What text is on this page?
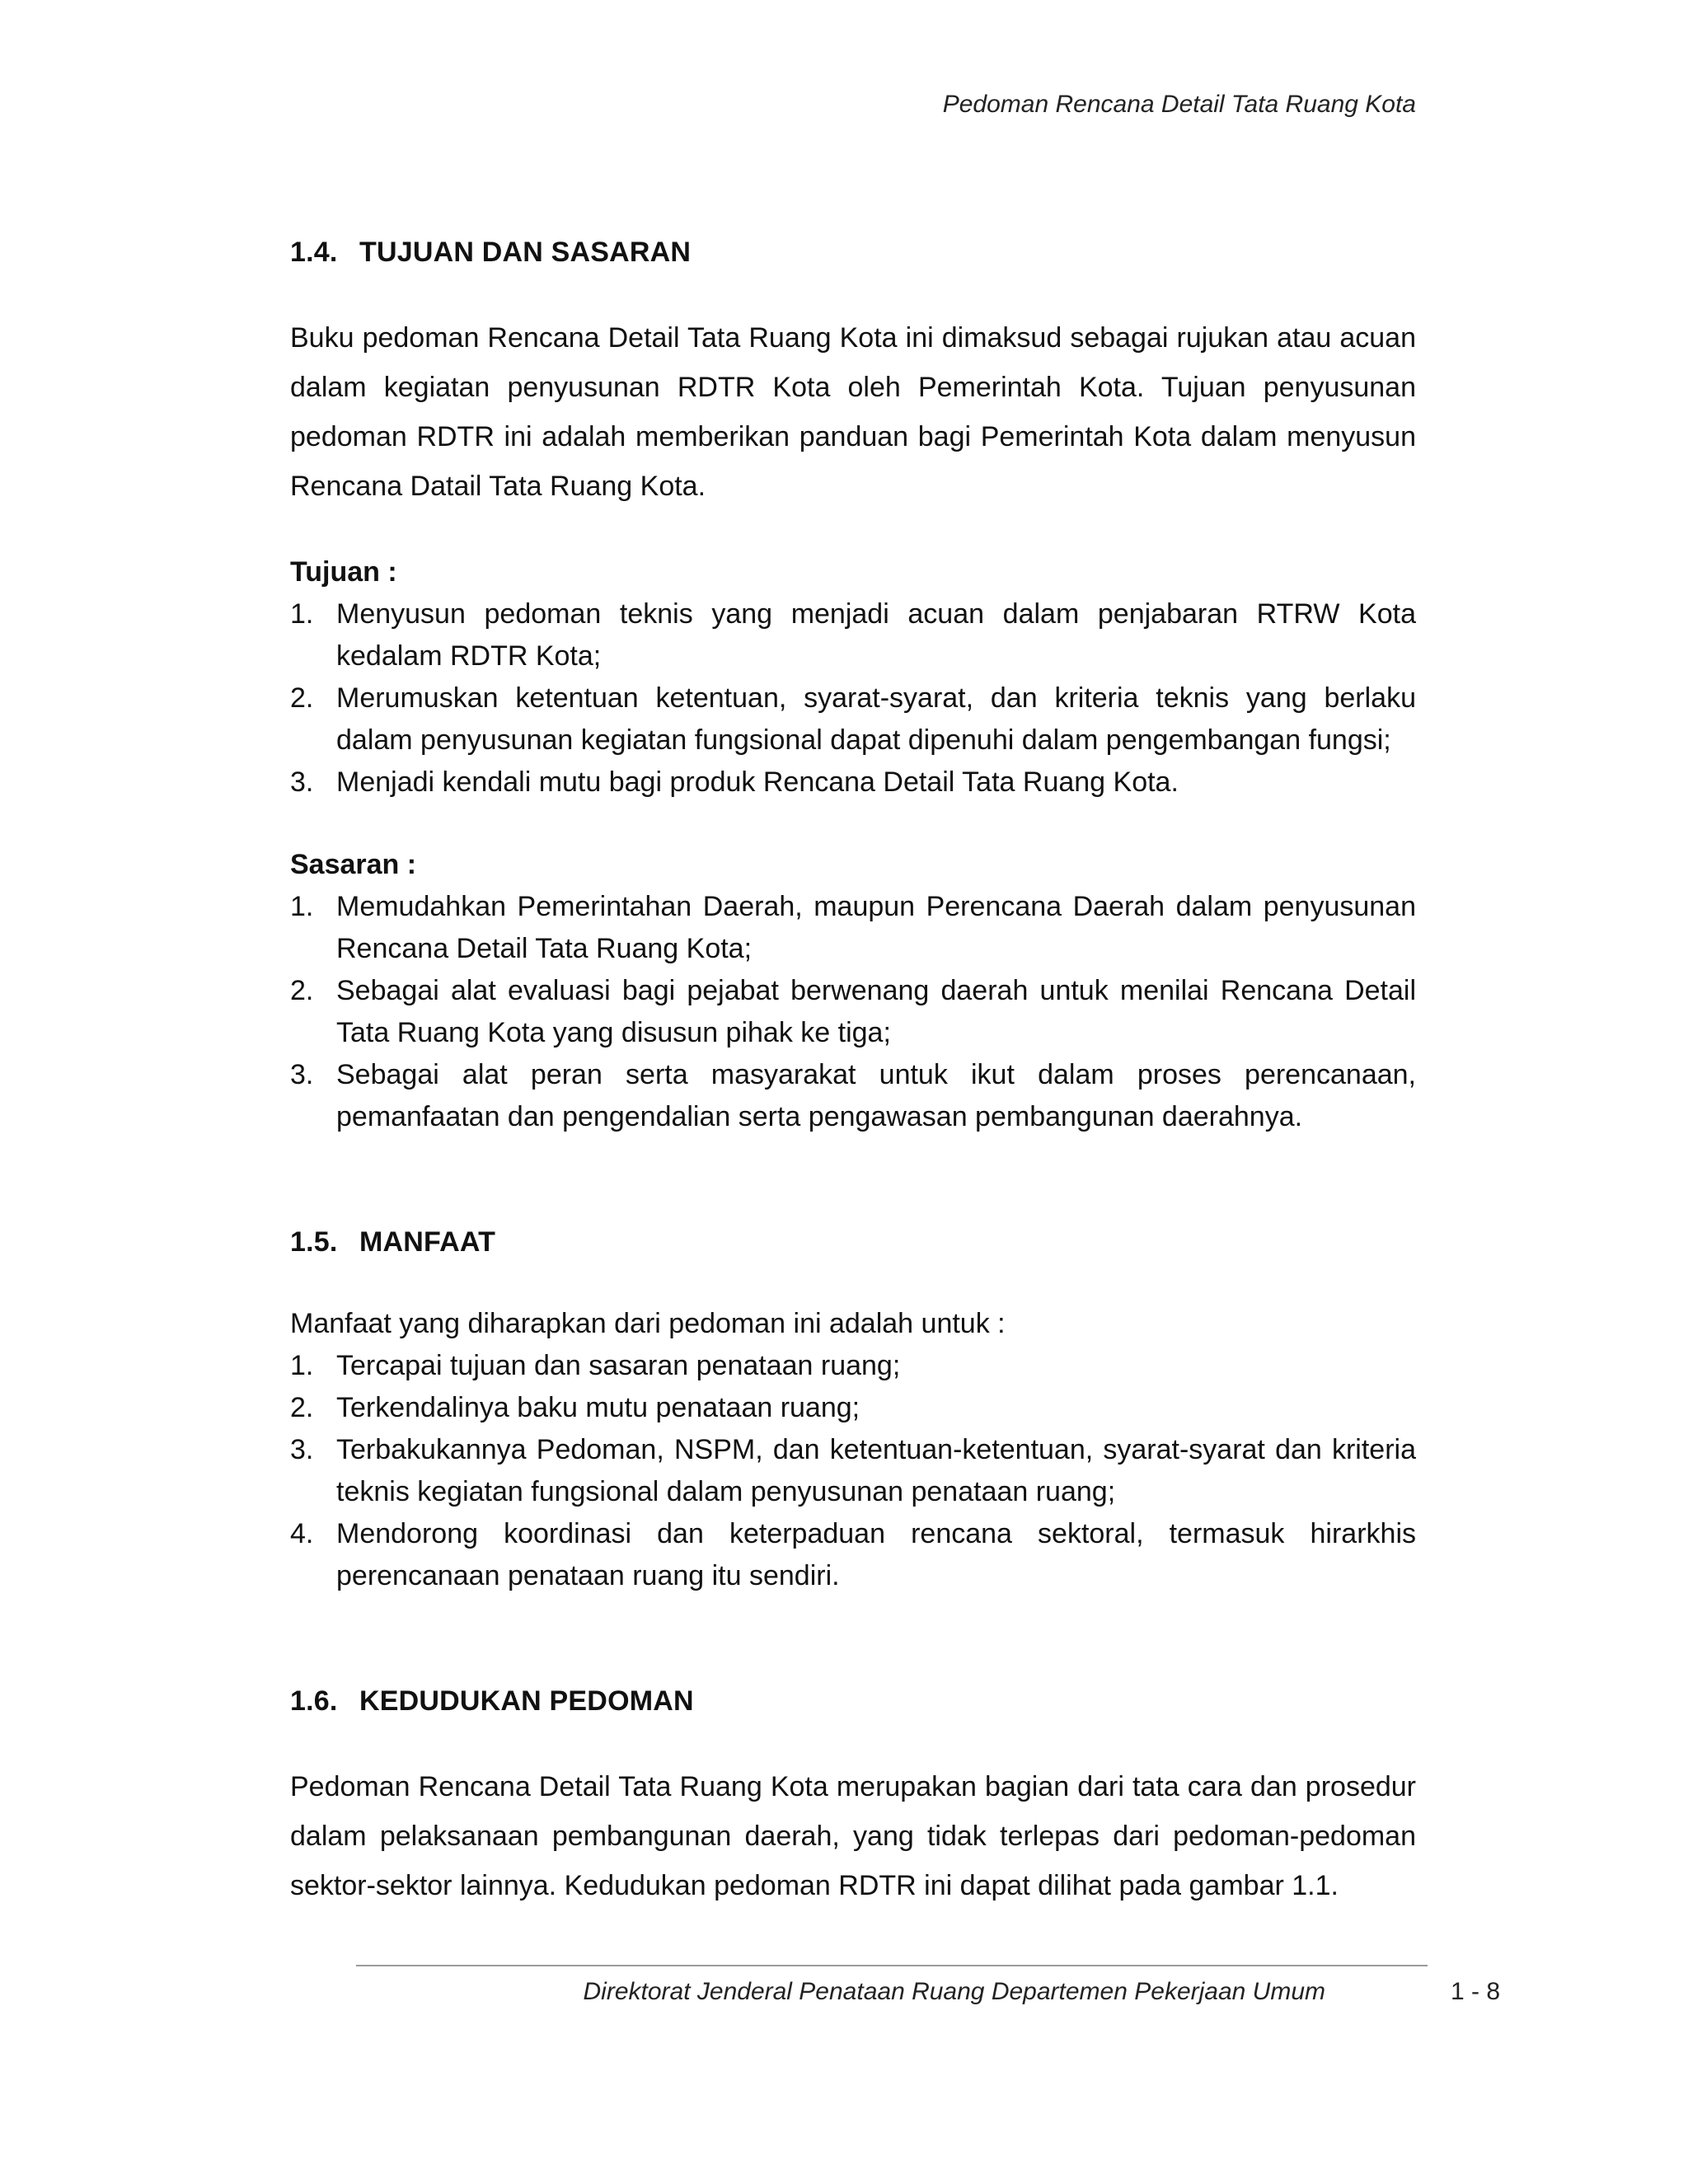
Pedoman Rencana Detail Tata Ruang Kota
1.4. TUJUAN DAN SASARAN

Buku pedoman Rencana Detail Tata Ruang Kota ini dimaksud sebagai rujukan atau acuan dalam kegiatan penyusunan RDTR Kota oleh Pemerintah Kota. Tujuan penyusunan pedoman RDTR ini adalah memberikan panduan bagi Pemerintah Kota dalam menyusun Rencana Datail Tata Ruang Kota.

Tujuan :

1. Menyusun pedoman teknis yang menjadi acuan dalam penjabaran RTRW Kota kedalam RDTR Kota;
2. Merumuskan ketentuan ketentuan, syarat-syarat, dan kriteria teknis yang berlaku dalam penyusunan kegiatan fungsional dapat dipenuhi dalam pengembangan fungsi;
3. Menjadi kendali mutu bagi produk Rencana Detail Tata Ruang Kota.

Sasaran :

1. Memudahkan Pemerintahan Daerah, maupun Perencana Daerah dalam penyusunan Rencana Detail Tata Ruang Kota;
2. Sebagai alat evaluasi bagi pejabat berwenang daerah untuk menilai Rencana Detail Tata Ruang Kota yang disusun pihak ke tiga;
3. Sebagai alat peran serta masyarakat untuk ikut dalam proses perencanaan, pemanfaatan dan pengendalian serta pengawasan pembangunan daerahnya.
1.5. MANFAAT

Manfaat yang diharapkan dari pedoman ini adalah untuk :

1. Tercapai tujuan dan sasaran penataan ruang;
2. Terkendalinya baku mutu penataan ruang;
3. Terbakukannya Pedoman, NSPM, dan ketentuan-ketentuan, syarat-syarat dan kriteria teknis kegiatan fungsional dalam penyusunan penataan ruang;
4. Mendorong koordinasi dan keterpaduan rencana sektoral, termasuk hirarkhis perencanaan penataan ruang itu sendiri.
1.6. KEDUDUKAN PEDOMAN

Pedoman Rencana Detail Tata Ruang Kota merupakan bagian dari tata cara dan prosedur dalam pelaksanaan pembangunan daerah, yang tidak terlepas dari pedoman-pedoman sektor-sektor lainnya. Kedudukan pedoman RDTR ini dapat dilihat pada gambar 1.1.

Direktorat Jenderal Penataan Ruang Departemen Pekerjaan Umum	1 - 8
